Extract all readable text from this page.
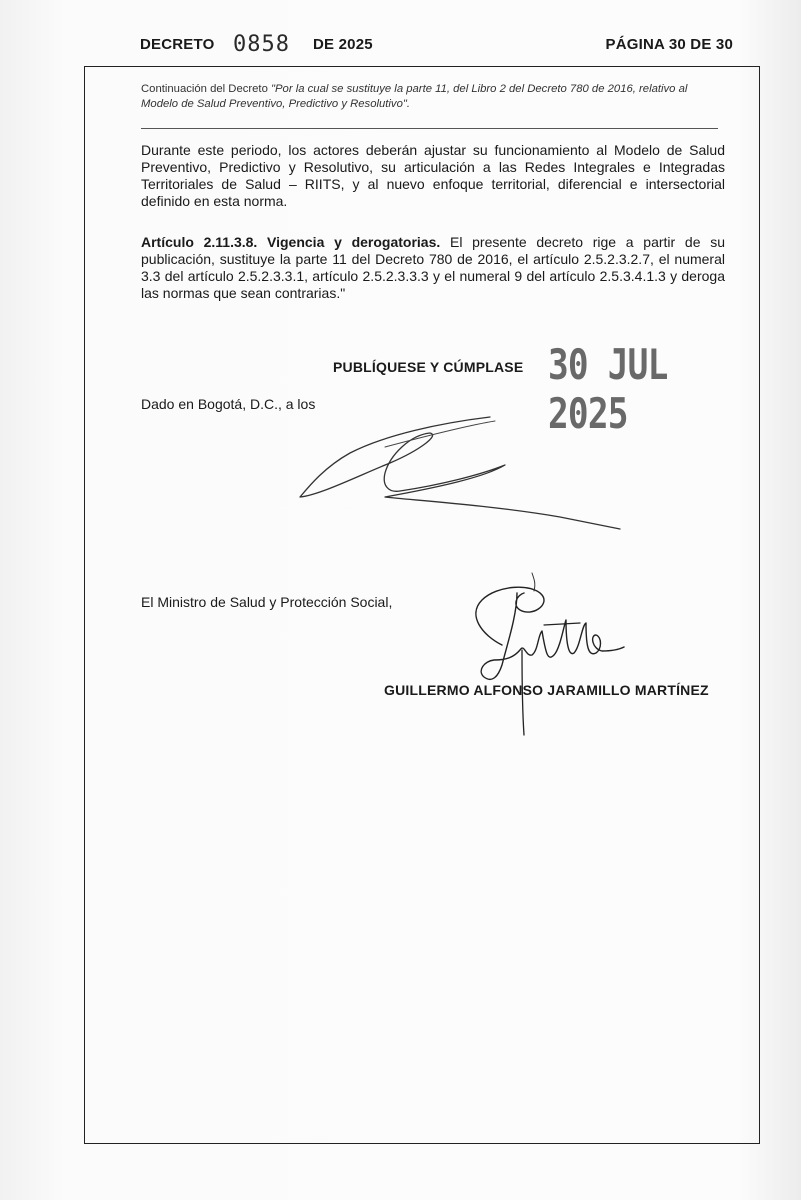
DECRETO 0858 DE 2025	PÁGINA 30 DE 30
Continuación del Decreto "Por la cual se sustituye la parte 11, del Libro 2 del Decreto 780 de 2016, relativo al Modelo de Salud Preventivo, Predictivo y Resolutivo".
Durante este periodo, los actores deberán ajustar su funcionamiento al Modelo de Salud Preventivo, Predictivo y Resolutivo, su articulación a las Redes Integrales e Integradas Territoriales de Salud – RIITS, y al nuevo enfoque territorial, diferencial e intersectorial definido en esta norma.
Artículo 2.11.3.8. Vigencia y derogatorias. El presente decreto rige a partir de su publicación, sustituye la parte 11 del Decreto 780 de 2016, el artículo 2.5.2.3.2.7, el numeral 3.3 del artículo 2.5.2.3.3.1, artículo 2.5.2.3.3.3 y el numeral 9 del artículo 2.5.3.4.1.3 y deroga las normas que sean contrarias."
PUBLÍQUESE Y CÚMPLASE 30 JUL 2025
Dado en Bogotá, D.C., a los
El Ministro de Salud y Protección Social,
GUILLERMO ALFONSO JARAMILLO MARTÍNEZ
